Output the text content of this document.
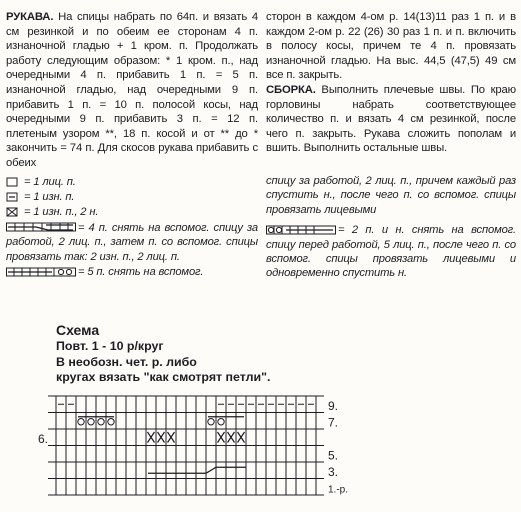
РУКАВА. На спицы набрать по 64п. и вязать 4 см резинкой и по обеим ее сторонам 4 п. изнаночной гладью + 1 кром. п. Продолжать работу следующим образом: * 1 кром. п., над очередными 4 п. прибавить 1 п. = 5 п. изнаночной гладью, над очередными 9 п. прибавить 1 п. = 10 п. полосой косы, над очередными 9 п. прибавить 3 п. = 12 п. плетеным узором **, 18 п. косой и от ** до * закончить = 74 п. Для скосов рукава прибавить с обеих

= 1 лиц. п.
= 1 изн. п.
= 1 изн. п., 2 н.
= 4 п. снять на вспомог. спицу за работой, 2 лиц. п., затем п. со вспомог. спицы провязать так: 2 изн. п., 2 лиц. п.
= 5 п. снять на вспомог.

сторон в каждом 4-ом р. 14(13)11 раз 1 п. и в каждом 2-ом р. 22 (26) 30 раз 1 п. и п. включить в полосу косы, причем те 4 п. провязать изнаночной гладью. На выс. 44,5 (47,5) 49 см все п. закрыть.

СБОРКА. Выполнить плечевые швы. По краю горловины набрать соответствующее количество п. и вязать 4 см резинкой, после чего п. закрыть. Рукава сложить пополам и вшить. Выполнить остальные швы.

спицу за работой, 2 лиц. п., причем каждый раз спустить н., после чего п. со вспомог. спицы провязать лицевыми

= 2 п. и н. снять на вспомог. спицу перед работой, 5 лиц. п., после чего п. со вспомог. спицы провязать лицевыми и одновременно спустить н.

Схема
Повт. 1 - 10 р/круг
В необозн. чет. р. либо
кругах вязать "как смотрят петли".
9.
7.
5.
3.
1.-р.
6.
